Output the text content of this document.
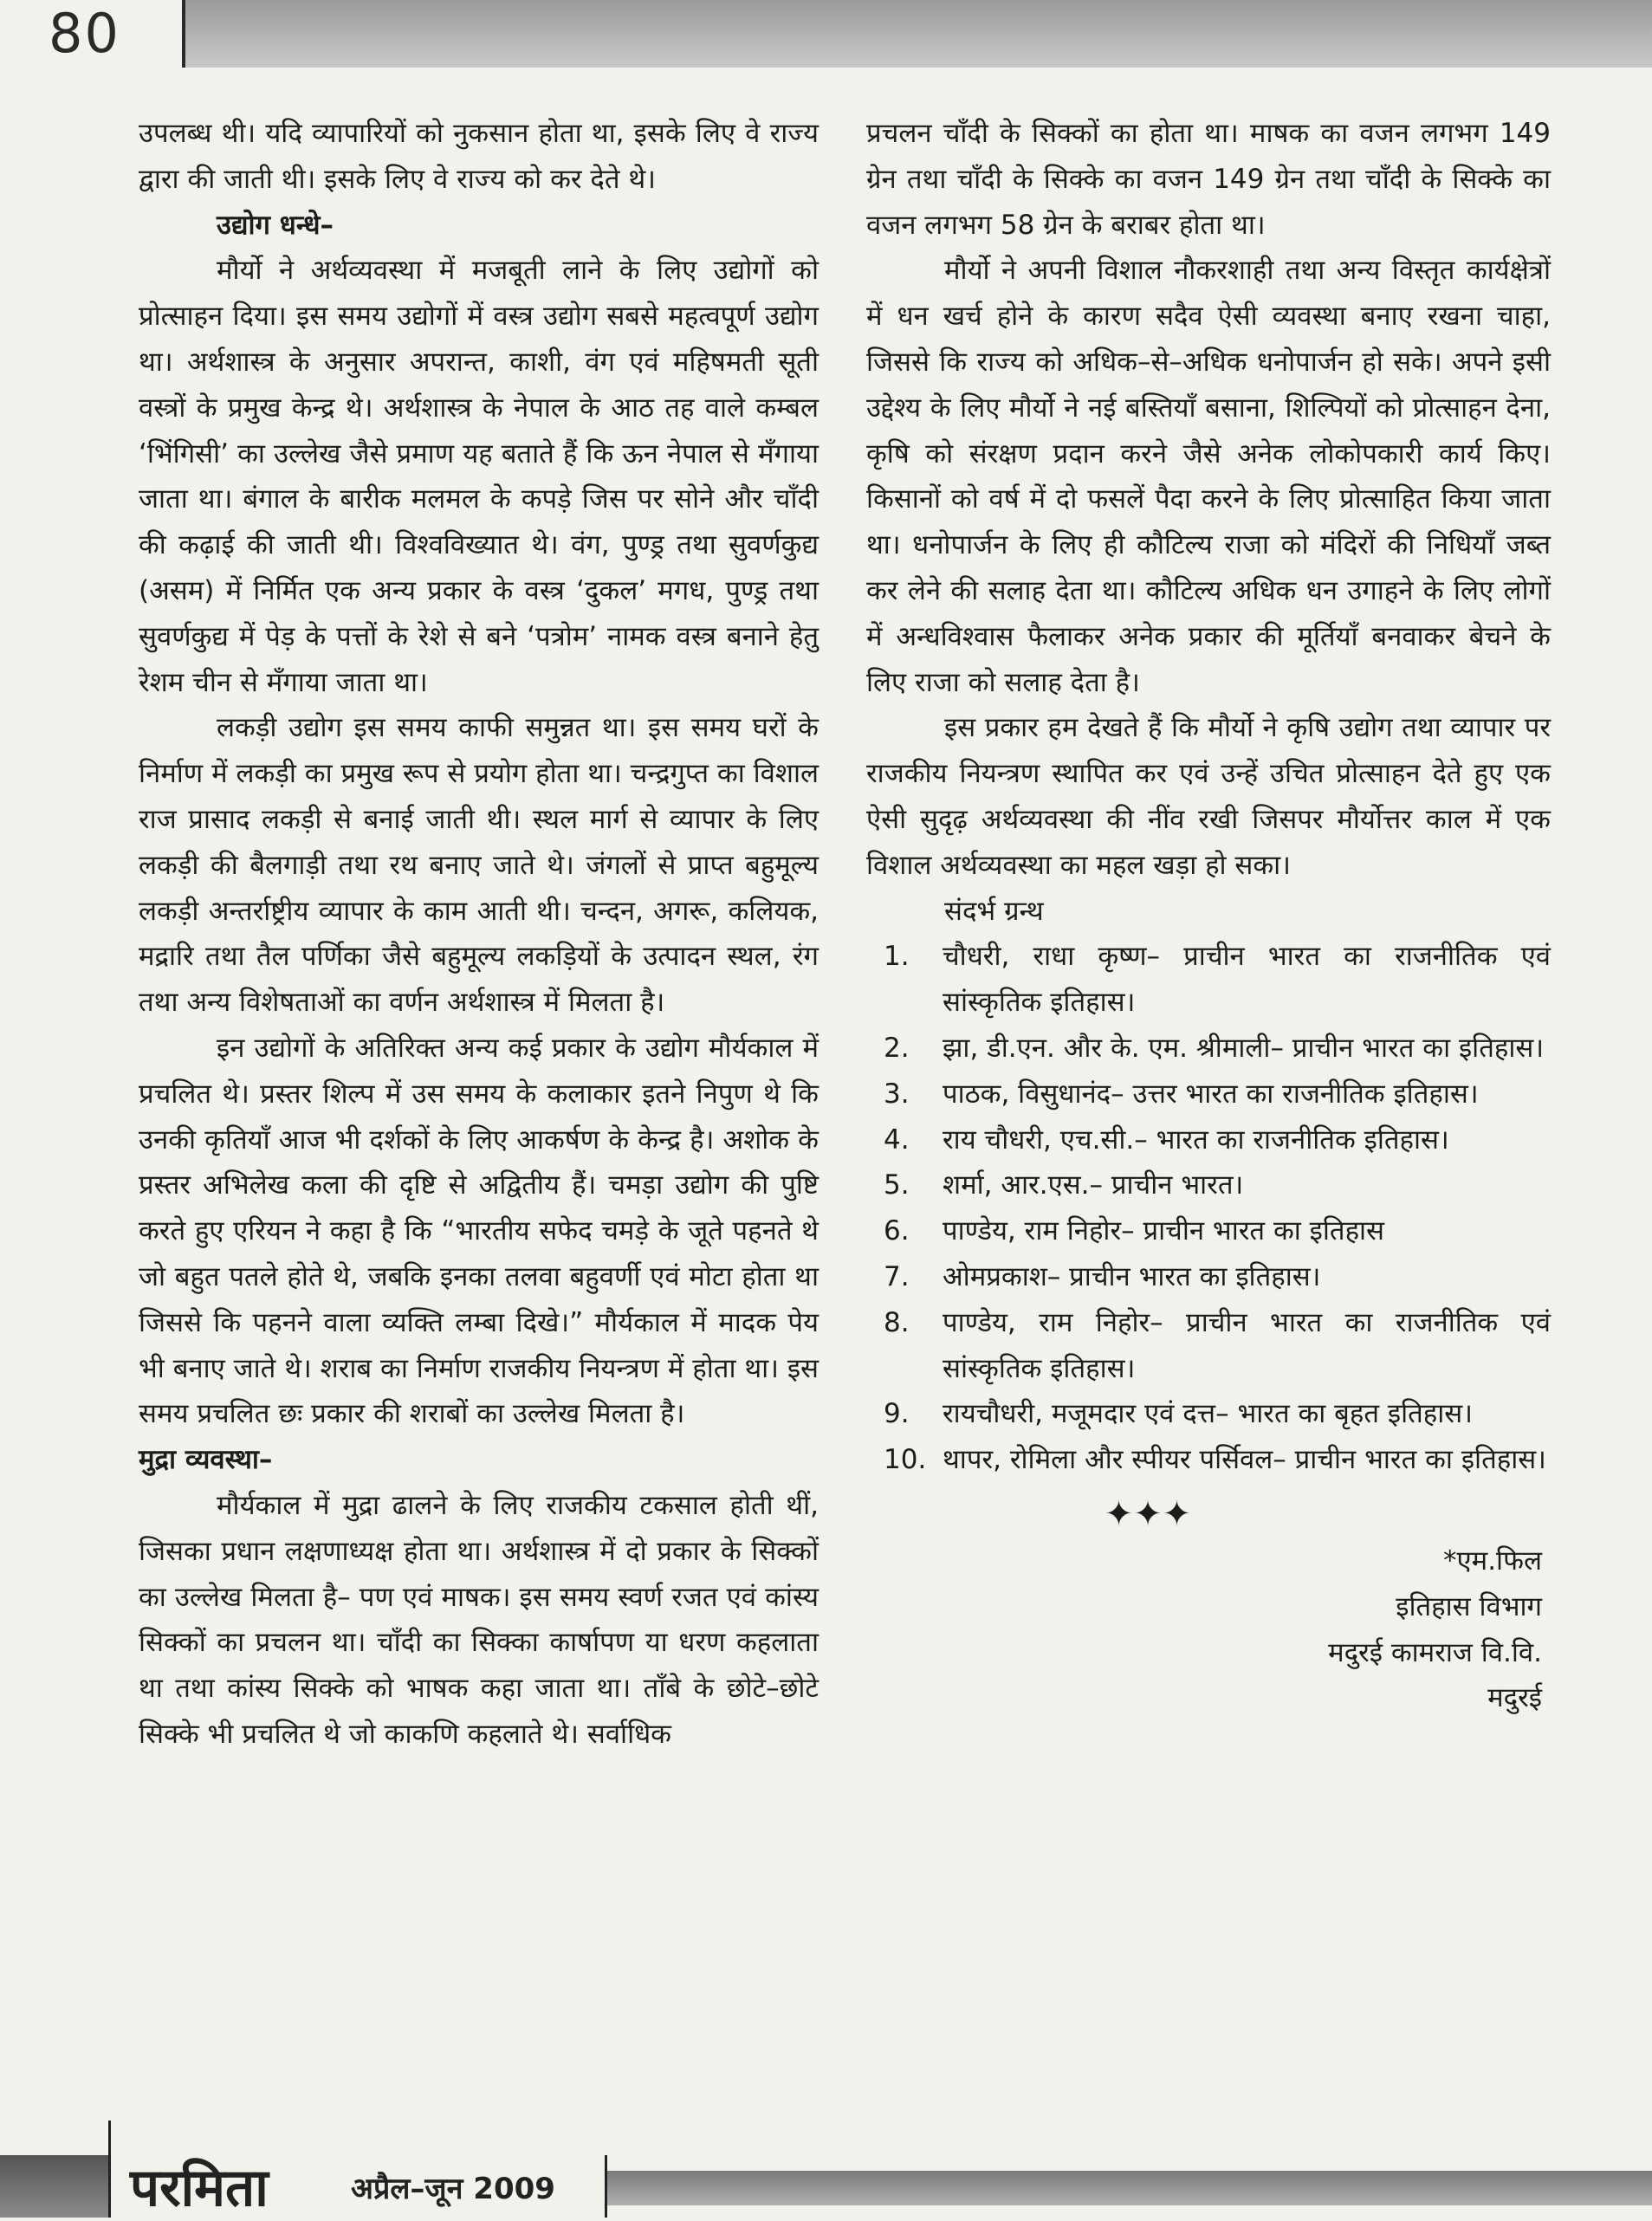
80

उपलब्ध थी। यदि व्यापारियों को नुकसान होता था, इसके लिए वे राज्य द्वारा की जाती थी। इसके लिए वे राज्य को कर देते थे।

उद्योग धन्धे–

मौर्यो ने अर्थव्यवस्था में मजबूती लाने के लिए उद्योगों को प्रोत्साहन दिया। इस समय उद्योगों में वस्त्र उद्योग सबसे महत्वपूर्ण उद्योग था। अर्थशास्त्र के अनुसार अपरान्त, काशी, वंग एवं महिषमती सूती वस्त्रों के प्रमुख केन्द्र थे। अर्थशास्त्र के नेपाल के आठ तह वाले कम्बल ‘भिंगिसी’ का उल्लेख जैसे प्रमाण यह बताते हैं कि ऊन नेपाल से मँगाया जाता था। बंगाल के बारीक मलमल के कपड़े जिस पर सोने और चाँदी की कढ़ाई की जाती थी। विश्वविख्यात थे। वंग, पुण्ड्र तथा सुवर्णकुद्य (असम) में निर्मित एक अन्य प्रकार के वस्त्र ‘दुकल’ मगध, पुण्ड्र तथा सुवर्णकुद्य में पेड़ के पत्तों के रेशे से बने ‘पत्रोम’ नामक वस्त्र बनाने हेतु रेशम चीन से मँगाया जाता था।

लकड़ी उद्योग इस समय काफी समुन्नत था। इस समय घरों के निर्माण में लकड़ी का प्रमुख रूप से प्रयोग होता था। चन्द्रगुप्त का विशाल राज प्रासाद लकड़ी से बनाई जाती थी। स्थल मार्ग से व्यापार के लिए लकड़ी की बैलगाड़ी तथा रथ बनाए जाते थे। जंगलों से प्राप्त बहुमूल्य लकड़ी अन्तर्राष्ट्रीय व्यापार के काम आती थी। चन्दन, अगरू, कलियक, मद्रारि तथा तैल पर्णिका जैसे बहुमूल्य लकड़ियों के उत्पादन स्थल, रंग तथा अन्य विशेषताओं का वर्णन अर्थशास्त्र में मिलता है।

इन उद्योगों के अतिरिक्त अन्य कई प्रकार के उद्योग मौर्यकाल में प्रचलित थे। प्रस्तर शिल्प में उस समय के कलाकार इतने निपुण थे कि उनकी कृतियाँ आज भी दर्शकों के लिए आकर्षण के केन्द्र है। अशोक के प्रस्तर अभिलेख कला की दृष्टि से अद्वितीय हैं। चमड़ा उद्योग की पुष्टि करते हुए एरियन ने कहा है कि “भारतीय सफेद चमड़े के जूते पहनते थे जो बहुत पतले होते थे, जबकि इनका तलवा बहुवर्णी एवं मोटा होता था जिससे कि पहनने वाला व्यक्ति लम्बा दिखे।” मौर्यकाल में मादक पेय भी बनाए जाते थे। शराब का निर्माण राजकीय नियन्त्रण में होता था। इस समय प्रचलित छः प्रकार की शराबों का उल्लेख मिलता है।

मुद्रा व्यवस्था–

मौर्यकाल में मुद्रा ढालने के लिए राजकीय टकसाल होती थीं, जिसका प्रधान लक्षणाध्यक्ष होता था। अर्थशास्त्र में दो प्रकार के सिक्कों का उल्लेख मिलता है– पण एवं माषक। इस समय स्वर्ण रजत एवं कांस्य सिक्कों का प्रचलन था। चाँदी का सिक्का कार्षापण या धरण कहलाता था तथा कांस्य सिक्के को भाषक कहा जाता था। ताँबे के छोटे–छोटे सिक्के भी प्रचलित थे जो काकणि कहलाते थे। सर्वाधिक

प्रचलन चाँदी के सिक्कों का होता था। माषक का वजन लगभग 149 ग्रेन तथा चाँदी के सिक्के का वजन 149 ग्रेन तथा चाँदी के सिक्के का वजन लगभग 58 ग्रेन के बराबर होता था।

मौर्यो ने अपनी विशाल नौकरशाही तथा अन्य विस्तृत कार्यक्षेत्रों में धन खर्च होने के कारण सदैव ऐसी व्यवस्था बनाए रखना चाहा, जिससे कि राज्य को अधिक–से–अधिक धनोपार्जन हो सके। अपने इसी उद्देश्य के लिए मौर्यो ने नई बस्तियाँ बसाना, शिल्पियों को प्रोत्साहन देना, कृषि को संरक्षण प्रदान करने जैसे अनेक लोकोपकारी कार्य किए। किसानों को वर्ष में दो फसलें पैदा करने के लिए प्रोत्साहित किया जाता था। धनोपार्जन के लिए ही कौटिल्य राजा को मंदिरों की निधियाँ जब्त कर लेने की सलाह देता था। कौटिल्य अधिक धन उगाहने के लिए लोगों में अन्धविश्वास फैलाकर अनेक प्रकार की मूर्तियाँ बनवाकर बेचने के लिए राजा को सलाह देता है।

इस प्रकार हम देखते हैं कि मौर्यो ने कृषि उद्योग तथा व्यापार पर राजकीय नियन्त्रण स्थापित कर एवं उन्हें उचित प्रोत्साहन देते हुए एक ऐसी सुदृढ़ अर्थव्यवस्था की नींव रखी जिसपर मौर्योत्तर काल में एक विशाल अर्थव्यवस्था का महल खड़ा हो सका।

संदर्भ ग्रन्थ

1.	चौधरी, राधा कृष्ण– प्राचीन भारत का राजनीतिक एवं सांस्कृतिक इतिहास।
2.	झा, डी.एन. और के. एम. श्रीमाली– प्राचीन भारत का इतिहास।
3.	पाठक, विसुधानंद– उत्तर भारत का राजनीतिक इतिहास।
4.	राय चौधरी, एच.सी.– भारत का राजनीतिक इतिहास।
5.	शर्मा, आर.एस.– प्राचीन भारत।
6.	पाण्डेय, राम निहोर– प्राचीन भारत का इतिहास
7.	ओमप्रकाश– प्राचीन भारत का इतिहास।
8.	पाण्डेय, राम निहोर– प्राचीन भारत का राजनीतिक एवं सांस्कृतिक इतिहास।
9.	रायचौधरी, मजूमदार एवं दत्त– भारत का बृहत इतिहास।
10. थापर, रोमिला और स्पीयर पर्सिवल– प्राचीन भारत का इतिहास।
✦✦✦
*एम.फिल
इतिहास विभाग
मदुरई कामराज वि.वि.
मदुरई
परमिता	अप्रैल–जून 2009
